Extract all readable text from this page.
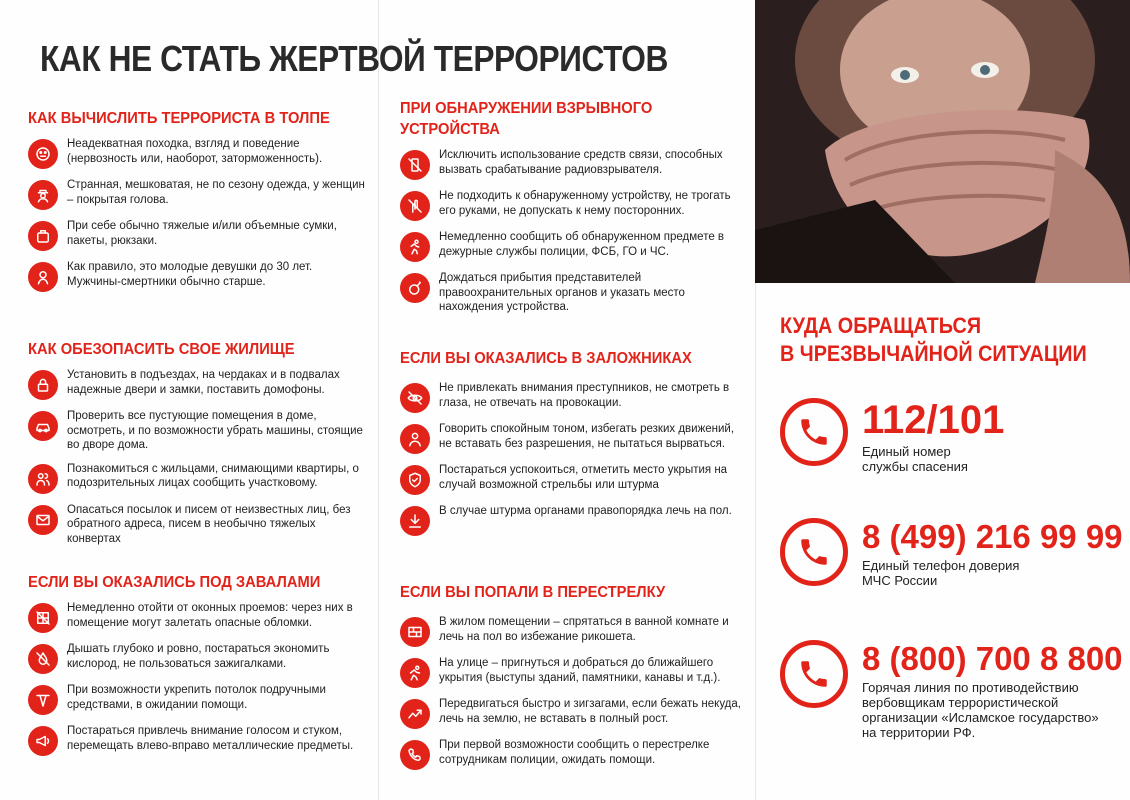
КАК НЕ СТАТЬ ЖЕРТВОЙ ТЕРРОРИСТОВ
КАК ВЫЧИСЛИТЬ ТЕРРОРИСТА В ТОЛПЕ
Неадекватная походка, взгляд и поведение (нервозность или, наоборот, заторможенность).
Странная, мешковатая, не по сезону одежда, у женщин – покрытая голова.
При себе обычно тяжелые и/или объемные сумки, пакеты, рюкзаки.
Как правило, это молодые девушки до 30 лет. Мужчины-смертники обычно старше.
КАК ОБЕЗОПАСИТЬ СВОЕ ЖИЛИЩЕ
Установить в подъездах, на чердаках и в подвалах надежные двери и замки, поставить домофоны.
Проверить все пустующие помещения в доме, осмотреть, и по возможности убрать машины, стоящие во дворе дома.
Познакомиться с жильцами, снимающими квартиры, о подозрительных лицах сообщить участковому.
Опасаться посылок и писем от неизвестных лиц, без обратного адреса, писем в необычно тяжелых конвертах
ЕСЛИ ВЫ ОКАЗАЛИСЬ ПОД ЗАВАЛАМИ
Немедленно отойти от оконных проемов: через них в помещение могут залетать опасные обломки.
Дышать глубоко и ровно, постараться экономить кислород, не пользоваться зажигалками.
При возможности укрепить потолок подручными средствами, в ожидании помощи.
Постараться привлечь внимание голосом и стуком, перемещать влево-вправо металлические предметы.
ПРИ ОБНАРУЖЕНИИ ВЗРЫВНОГО
УСТРОЙСТВА
Исключить использование средств связи, способных вызвать срабатывание радиовзрывателя.
Не подходить к обнаруженному устройству, не трогать его руками, не допускать к нему посторонних.
Немедленно сообщить об обнаруженном предмете в дежурные службы полиции, ФСБ, ГО и ЧС.
Дождаться прибытия представителей правоохранительных органов и указать место нахождения устройства.
ЕСЛИ ВЫ ОКАЗАЛИСЬ В ЗАЛОЖНИКАХ
Не привлекать внимания преступников, не смотреть в глаза, не отвечать на провокации.
Говорить спокойным тоном, избегать резких движений, не вставать без разрешения, не пытаться вырваться.
Постараться успокоиться, отметить место укрытия на случай возможной стрельбы или штурма
В случае штурма органами правопорядка лечь на пол.
ЕСЛИ ВЫ ПОПАЛИ В ПЕРЕСТРЕЛКУ
В жилом помещении – спрятаться в ванной комнате и лечь на пол во избежание рикошета.
На улице – пригнуться и добраться до ближайшего укрытия (выступы зданий, памятники, канавы и т.д.).
Передвигаться быстро и зигзагами, если бежать некуда, лечь на землю, не вставать в полный рост.
При первой возможности сообщить о перестрелке сотрудникам полиции, ожидать помощи.
КУДА ОБРАЩАТЬСЯ
В ЧРЕЗВЫЧАЙНОЙ СИТУАЦИИ
112/101
Единый номер
службы спасения
8 (499) 216 99 99
Единый телефон доверия
МЧС России
8 (800) 700 8 800
Горячая линия по противодействию
вербовщикам террористической
организации «Исламское государство»
на территории РФ.
